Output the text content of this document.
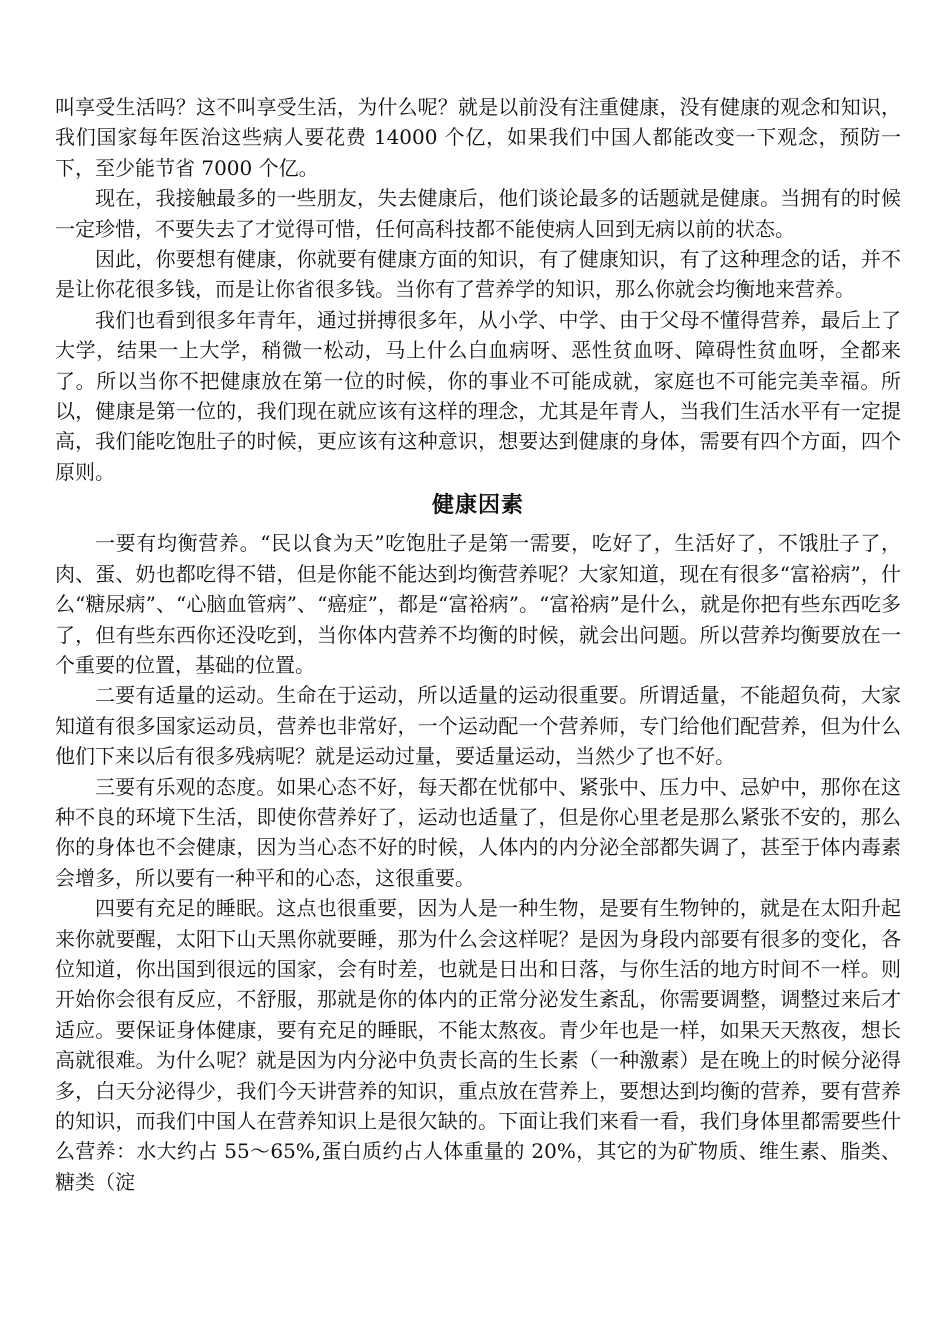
叫享受生活吗？这不叫享受生活，为什么呢？就是以前没有注重健康，没有健康的观念和知识，我们国家每年医治这些病人要花费 14000 个亿，如果我们中国人都能改变一下观念，预防一下，至少能节省 7000 个亿。

现在，我接触最多的一些朋友，失去健康后，他们谈论最多的话题就是健康。当拥有的时候一定珍惜，不要失去了才觉得可惜，任何高科技都不能使病人回到无病以前的状态。

因此，你要想有健康，你就要有健康方面的知识，有了健康知识，有了这种理念的话，并不是让你花很多钱，而是让你省很多钱。当你有了营养学的知识，那么你就会均衡地来营养。

我们也看到很多年青年，通过拼搏很多年，从小学、中学、由于父母不懂得营养，最后上了大学，结果一上大学，稍微一松动，马上什么白血病呀、恶性贫血呀、障碍性贫血呀，全都来了。所以当你不把健康放在第一位的时候，你的事业不可能成就，家庭也不可能完美幸福。所以，健康是第一位的，我们现在就应该有这样的理念，尤其是年青人，当我们生活水平有一定提高，我们能吃饱肚子的时候，更应该有这种意识，想要达到健康的身体，需要有四个方面，四个原则。

健康因素

一要有均衡营养。“民以食为天”吃饱肚子是第一需要，吃好了，生活好了，不饿肚子了，肉、蛋、奶也都吃得不错，但是你能不能达到均衡营养呢？大家知道，现在有很多“富裕病”，什么“糖尿病”、“心脑血管病”、“癌症”，都是“富裕病”。“富裕病”是什么，就是你把有些东西吃多了，但有些东西你还没吃到，当你体内营养不均衡的时候，就会出问题。所以营养均衡要放在一个重要的位置，基础的位置。

二要有适量的运动。生命在于运动，所以适量的运动很重要。所谓适量，不能超负荷，大家知道有很多国家运动员，营养也非常好，一个运动配一个营养师，专门给他们配营养，但为什么他们下来以后有很多残病呢？就是运动过量，要适量运动，当然少了也不好。

三要有乐观的态度。如果心态不好，每天都在忧郁中、紧张中、压力中、忌妒中，那你在这种不良的环境下生活，即使你营养好了，运动也适量了，但是你心里老是那么紧张不安的，那么你的身体也不会健康，因为当心态不好的时候，人体内的内分泌全部都失调了，甚至于体内毒素会增多，所以要有一种平和的心态，这很重要。

四要有充足的睡眠。这点也很重要，因为人是一种生物，是要有生物钟的，就是在太阳升起来你就要醒，太阳下山天黑你就要睡，那为什么会这样呢？是因为身段内部要有很多的变化，各位知道，你出国到很远的国家，会有时差，也就是日出和日落，与你生活的地方时间不一样。则开始你会很有反应，不舒服，那就是你的体内的正常分泌发生紊乱，你需要调整，调整过来后才适应。要保证身体健康，要有充足的睡眠，不能太熬夜。青少年也是一样，如果天天熬夜，想长高就很难。为什么呢？就是因为内分泌中负责长高的生长素（一种激素）是在晚上的时候分泌得多，白天分泌得少，我们今天讲营养的知识，重点放在营养上，要想达到均衡的营养，要有营养的知识，而我们中国人在营养知识上是很欠缺的。下面让我们来看一看，我们身体里都需要些什么营养：水大约占 55～65%,蛋白质约占人体重量的 20%，其它的为矿物质、维生素、脂类、糖类（淀
